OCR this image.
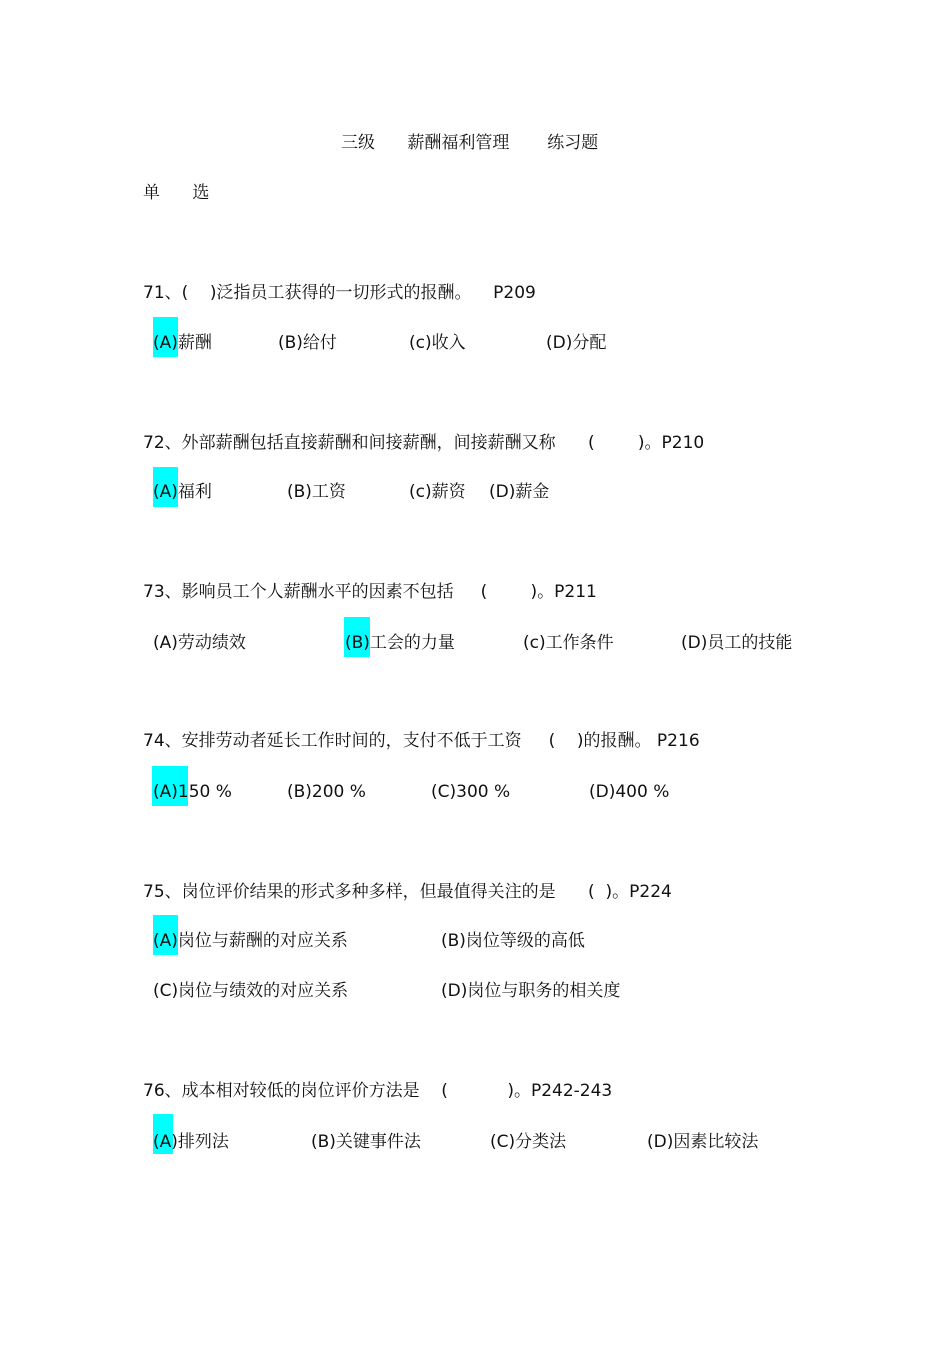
三级      薪酬福利管理       练习题
单      选
71、(    )泛指员工获得的一切形式的报酬。    P209
(A)薪酬	(B)给付	(c)收入	(D)分配
72、外部薪酬包括直接薪酬和间接薪酬，间接薪酬又称      (        )。P210
(A)福利	(B)工资	(c)薪资 (D)薪金
73、影响员工个人薪酬水平的因素不包括     (        )。P211
(A)劳动绩效	(B)工会的力量	(c)工作条件	(D)员工的技能
74、安排劳动者延长工作时间的，支付不低于工资     (    )的报酬。 P216
(A)150 %	(B)200 %	(C)300 %	(D)400 %
75、岗位评价结果的形式多种多样，但最值得关注的是      (  )。P224
(A)岗位与薪酬的对应关系	(B)岗位等级的高低
(C)岗位与绩效的对应关系	(D)岗位与职务的相关度
76、成本相对较低的岗位评价方法是    (           )。P242-243
(A)排列法	(B)关键事件法	(C)分类法	(D)因素比较法
